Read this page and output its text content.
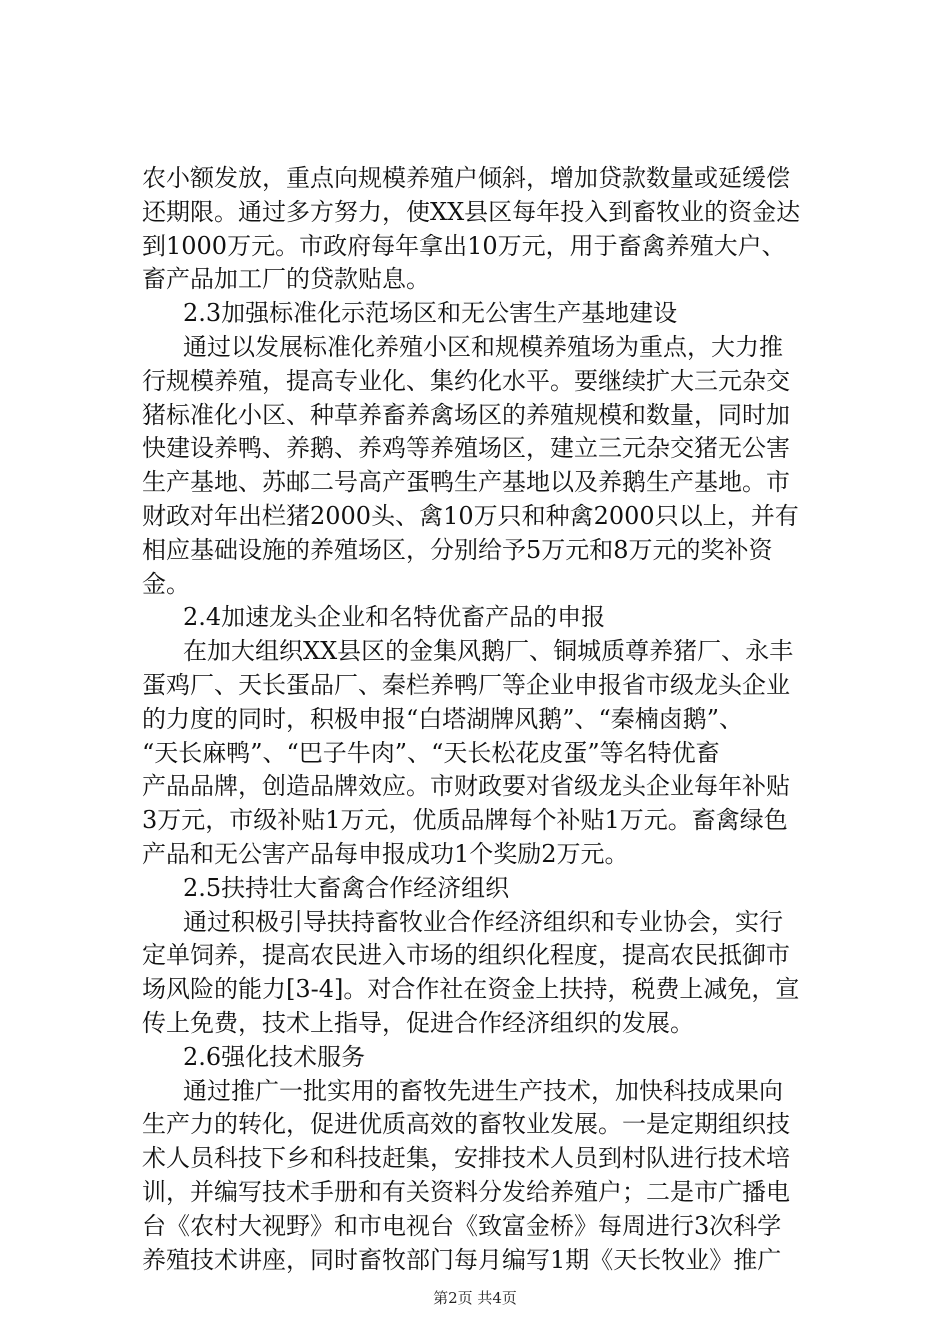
农小额发放，重点向规模养殖户倾斜，增加贷款数量或延缓偿
还期限。通过多方努力，使XX县区每年投入到畜牧业的资金达
到1000万元。市政府每年拿出10万元，用于畜禽养殖大户、
畜产品加工厂的贷款贴息。
2.3加强标准化示范场区和无公害生产基地建设
通过以发展标准化养殖小区和规模养殖场为重点，大力推
行规模养殖，提高专业化、集约化水平。要继续扩大三元杂交
猪标准化小区、种草养畜养禽场区的养殖规模和数量，同时加
快建设养鸭、养鹅、养鸡等养殖场区，建立三元杂交猪无公害
生产基地、苏邮二号高产蛋鸭生产基地以及养鹅生产基地。市
财政对年出栏猪2000头、禽10万只和种禽2000只以上，并有
相应基础设施的养殖场区，分别给予5万元和8万元的奖补资
金。
2.4加速龙头企业和名特优畜产品的申报
在加大组织XX县区的金集风鹅厂、铜城质尊养猪厂、永丰
蛋鸡厂、天长蛋品厂、秦栏养鸭厂等企业申报省市级龙头企业
的力度的同时，积极申报“白塔湖牌风鹅”、“秦楠卤鹅”、
“天长麻鸭”、“巴子牛肉”、“天长松花皮蛋”等名特优畜
产品品牌，创造品牌效应。市财政要对省级龙头企业每年补贴
3万元，市级补贴1万元，优质品牌每个补贴1万元。畜禽绿色
产品和无公害产品每申报成功1个奖励2万元。
2.5扶持壮大畜禽合作经济组织
通过积极引导扶持畜牧业合作经济组织和专业协会，实行
定单饲养，提高农民进入市场的组织化程度，提高农民抵御市
场风险的能力[3-4]。对合作社在资金上扶持，税费上减免，宣
传上免费，技术上指导，促进合作经济组织的发展。
2.6强化技术服务
通过推广一批实用的畜牧先进生产技术，加快科技成果向
生产力的转化，促进优质高效的畜牧业发展。一是定期组织技
术人员科技下乡和科技赶集，安排技术人员到村队进行技术培
训，并编写技术手册和有关资料分发给养殖户；二是市广播电
台《农村大视野》和市电视台《致富金桥》每周进行3次科学
养殖技术讲座，同时畜牧部门每月编写1期《天长牧业》推广
第2页 共4页
